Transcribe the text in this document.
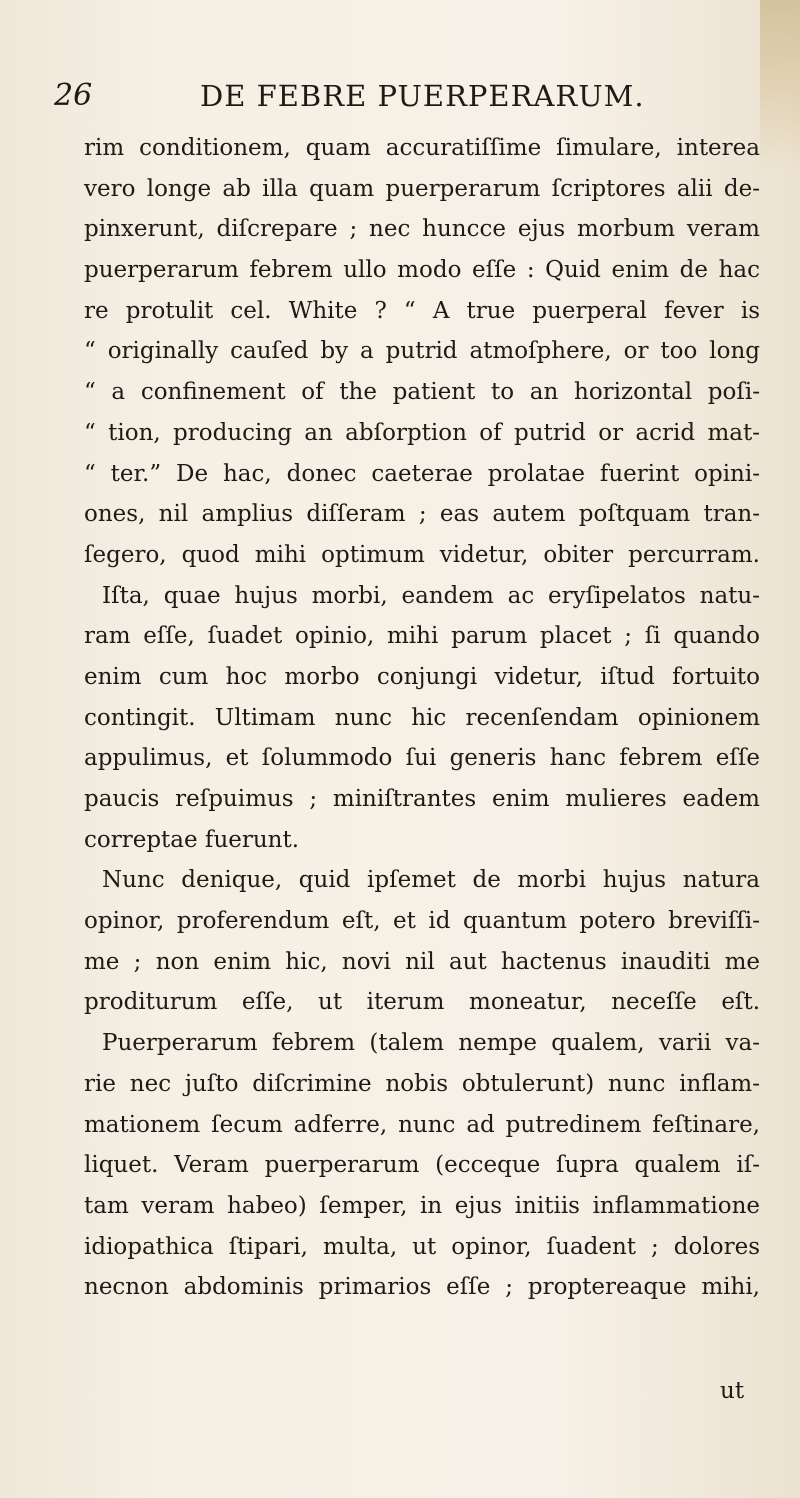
26	DE FEBRE PUERPERARUM.
rim conditionem, quam accuratiſſime ſimulare, interea
vero longe ab illa quam puerperarum ſcriptores alii de-
pinxerunt, diſcrepare ; nec huncce ejus morbum veram
puerperarum febrem ullo modo eſſe : Quid enim de hac
re protulit cel. White ? “ A true puerperal fever is
“ originally cauſed by a putrid atmoſphere, or too long
“ a confinement of the patient to an horizontal poſi-
“ tion, producing an abſorption of putrid or acrid mat-
“ ter.” De hac, donec caeterae prolatae fuerint opini-
ones, nil amplius diſſeram ; eas autem poſtquam tran-
ſegero, quod mihi optimum videtur, obiter percurram.
Iſta, quae hujus morbi, eandem ac eryſipelatos natu-
ram eſſe, ſuadet opinio, mihi parum placet ; ſi quando
enim cum hoc morbo conjungi videtur, iſtud fortuito
contingit. Ultimam nunc hic recenſendam opinionem
appulimus, et ſolummodo ſui generis hanc febrem eſſe
paucis reſpuimus ; miniſtrantes enim mulieres eadem
correptae fuerunt.
Nunc denique, quid ipſemet de morbi hujus natura
opinor, proferendum eſt, et id quantum potero breviſſi-
me ; non enim hic, novi nil aut hactenus inauditi me
proditurum eſſe, ut iterum moneatur, neceſſe eſt.
Puerperarum febrem (talem nempe qualem, varii va-
rie nec juſto diſcrimine nobis obtulerunt) nunc inflam-
mationem ſecum adferre, nunc ad putredinem feſtinare,
liquet. Veram puerperarum (ecceque ſupra qualem iſ-
tam veram habeo) ſemper, in ejus initiis inflammatione
idiopathica ſtipari, multa, ut opinor, ſuadent ; dolores
necnon abdominis primarios eſſe ; proptereaque mihi,
ut
